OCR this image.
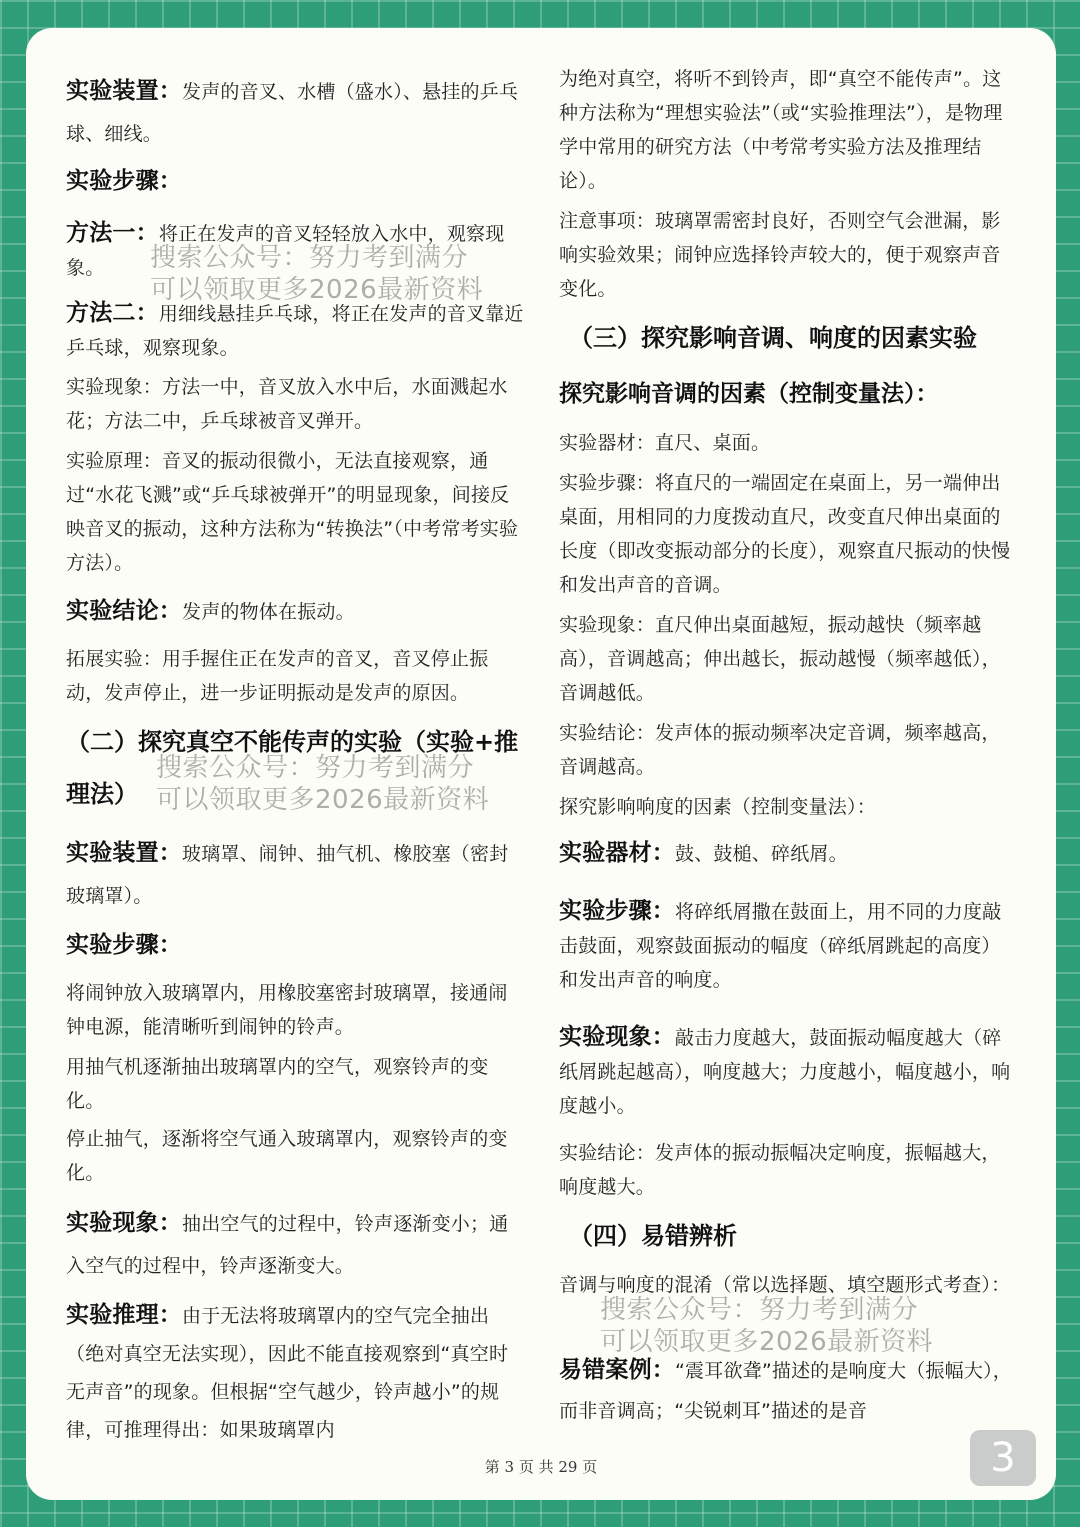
实验装置：发声的音叉、水槽（盛水）、悬挂的乒乓球、细线。

实验步骤：

方法一：将正在发声的音叉轻轻放入水中，观察现象。

方法二：用细线悬挂乒乓球，将正在发声的音叉靠近乒乓球，观察现象。

实验现象：方法一中，音叉放入水中后，水面溅起水花；方法二中，乒乓球被音叉弹开。

实验原理：音叉的振动很微小，无法直接观察，通过“水花飞溅”或“乒乓球被弹开”的明显现象，间接反映音叉的振动，这种方法称为“转换法”（中考常考实验方法）。

实验结论：发声的物体在振动。

拓展实验：用手握住正在发声的音叉，音叉停止振动，发声停止，进一步证明振动是发声的原因。

（二）探究真空不能传声的实验（实验+推理法）

实验装置：玻璃罩、闹钟、抽气机、橡胶塞（密封玻璃罩）。

实验步骤：

将闹钟放入玻璃罩内，用橡胶塞密封玻璃罩，接通闹钟电源，能清晰听到闹钟的铃声。

用抽气机逐渐抽出玻璃罩内的空气，观察铃声的变化。

停止抽气，逐渐将空气通入玻璃罩内，观察铃声的变化。

实验现象：抽出空气的过程中，铃声逐渐变小；通入空气的过程中，铃声逐渐变大。

实验推理：由于无法将玻璃罩内的空气完全抽出（绝对真空无法实现），因此不能直接观察到“真空时无声音”的现象。但根据“空气越少，铃声越小”的规律，可推理得出：如果玻璃罩内

为绝对真空，将听不到铃声，即“真空不能传声”。这种方法称为“理想实验法”（或“实验推理法”），是物理学中常用的研究方法（中考常考实验方法及推理结论）。

注意事项：玻璃罩需密封良好，否则空气会泄漏，影响实验效果；闹钟应选择铃声较大的，便于观察声音变化。

（三）探究影响音调、响度的因素实验

探究影响音调的因素（控制变量法）：

实验器材：直尺、桌面。

实验步骤：将直尺的一端固定在桌面上，另一端伸出桌面，用相同的力度拨动直尺，改变直尺伸出桌面的长度（即改变振动部分的长度），观察直尺振动的快慢和发出声音的音调。

实验现象：直尺伸出桌面越短，振动越快（频率越高），音调越高；伸出越长，振动越慢（频率越低），音调越低。

实验结论：发声体的振动频率决定音调，频率越高，音调越高。

探究影响响度的因素（控制变量法）：

实验器材：鼓、鼓槌、碎纸屑。

实验步骤：将碎纸屑撒在鼓面上，用不同的力度敲击鼓面，观察鼓面振动的幅度（碎纸屑跳起的高度）和发出声音的响度。

实验现象：敲击力度越大，鼓面振动幅度越大（碎纸屑跳起越高），响度越大；力度越小，幅度越小，响度越小。

实验结论：发声体的振动振幅决定响度，振幅越大，响度越大。

（四）易错辨析

音调与响度的混淆（常以选择题、填空题形式考查）：

易错案例：“震耳欲聋”描述的是响度大（振幅大），而非音调高；“尖锐刺耳”描述的是音

搜索公众号：努力考到满分
可以领取更多2026最新资料
搜索公众号：努力考到满分
可以领取更多2026最新资料
搜索公众号：努力考到满分
可以领取更多2026最新资料
第 3 页 共 29 页	3
